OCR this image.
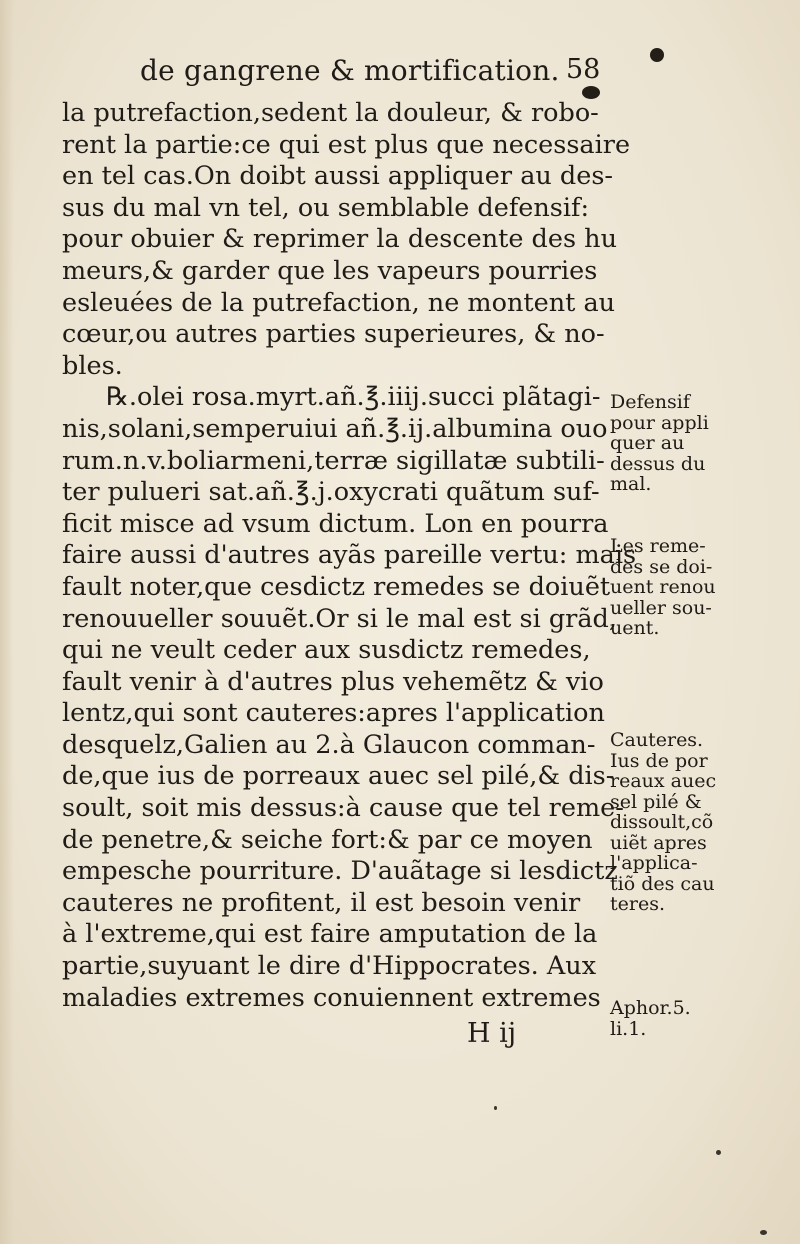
de gangrene & mortification. 58
la putrefaction,sedent la douleur, & robo-
rent la partie:ce qui est plus que necessaire
en tel cas.On doibt aussi appliquer au des-
sus du mal vn tel, ou semblable defensif:
pour obuier & reprimer la descente des hu
meurs,& garder que les vapeurs pourries
esleuées de la putrefaction, ne montent au
cœur,ou autres parties superieures, & no-
bles.
℞.olei rosa.myrt.añ.℥.iiij.succi plãtagi-
nis,solani,semperuiui añ.℥.ij.albumina ouo
rum.n.v.boliarmeni,terræ sigillatæ subtili-
ter pulueri sat.añ.℥.j.oxycrati quãtum suf-
ficit misce ad vsum dictum. Lon en pourra
faire aussi d'autres ayãs pareille vertu: mais
fault noter,que cesdictz remedes se doiuẽt
renouueller souuẽt.Or si le mal est si grãd,
qui ne veult ceder aux susdictz remedes,
fault venir à d'autres plus vehemẽtz & vio
lentz,qui sont cauteres:apres l'application
desquelz,Galien au 2.à Glaucon comman-
de,que ius de porreaux auec sel pilé,& dis-
soult, soit mis dessus:à cause que tel reme-
de penetre,& seiche fort:& par ce moyen
empesche pourriture. D'auãtage si lesdictz
cauteres ne profitent, il est besoin venir
à l'extreme,qui est faire amputation de la
partie,suyuant le dire d'Hippocrates. Aux
maladies extremes conuiennent extremes
Defensif
pour appli
quer au
dessus du
mal.
Les reme-
des se doi-
uent renou
ueller sou-
uent.
Cauteres.
Ius de por
reaux auec
sel pilé &
dissoult,cõ
uiẽt apres
l'applica-
tiõ des cau
teres.
Aphor.5.
li.1.
H ij
